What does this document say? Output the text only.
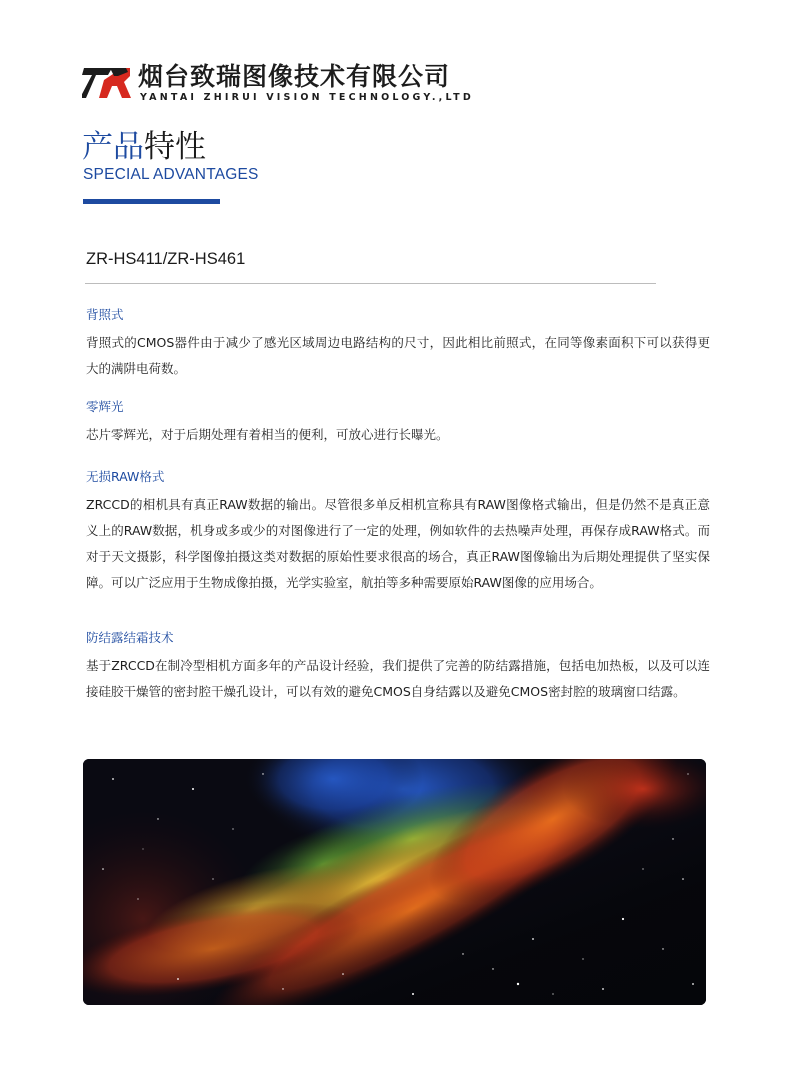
烟台致瑞图像技术有限公司
YANTAI ZHIRUI VISION TECHNOLOGY.,LTD
产品特性
SPECIAL ADVANTAGES
ZR-HS411/ZR-HS461
背照式

背照式的CMOS器件由于减少了感光区域周边电路结构的尺寸，因此相比前照式，在同等像素面积下可以获得更大的满阱电荷数。

零辉光

芯片零辉光，对于后期处理有着相当的便利，可放心进行长曝光。

无损RAW格式

ZRCCD的相机具有真正RAW数据的输出。尽管很多单反相机宣称具有RAW图像格式输出，但是仍然不是真正意义上的RAW数据，机身或多或少的对图像进行了一定的处理，例如软件的去热噪声处理，再保存成RAW格式。而对于天文摄影，科学图像拍摄这类对数据的原始性要求很高的场合，真正RAW图像输出为后期处理提供了坚实保障。可以广泛应用于生物成像拍摄，光学实验室，航拍等多种需要原始RAW图像的应用场合。

防结露结霜技术

基于ZRCCD在制冷型相机方面多年的产品设计经验，我们提供了完善的防结露措施，包括电加热板，以及可以连接硅胶干燥管的密封腔干燥孔设计，可以有效的避免CMOS自身结露以及避免CMOS密封腔的玻璃窗口结露。
